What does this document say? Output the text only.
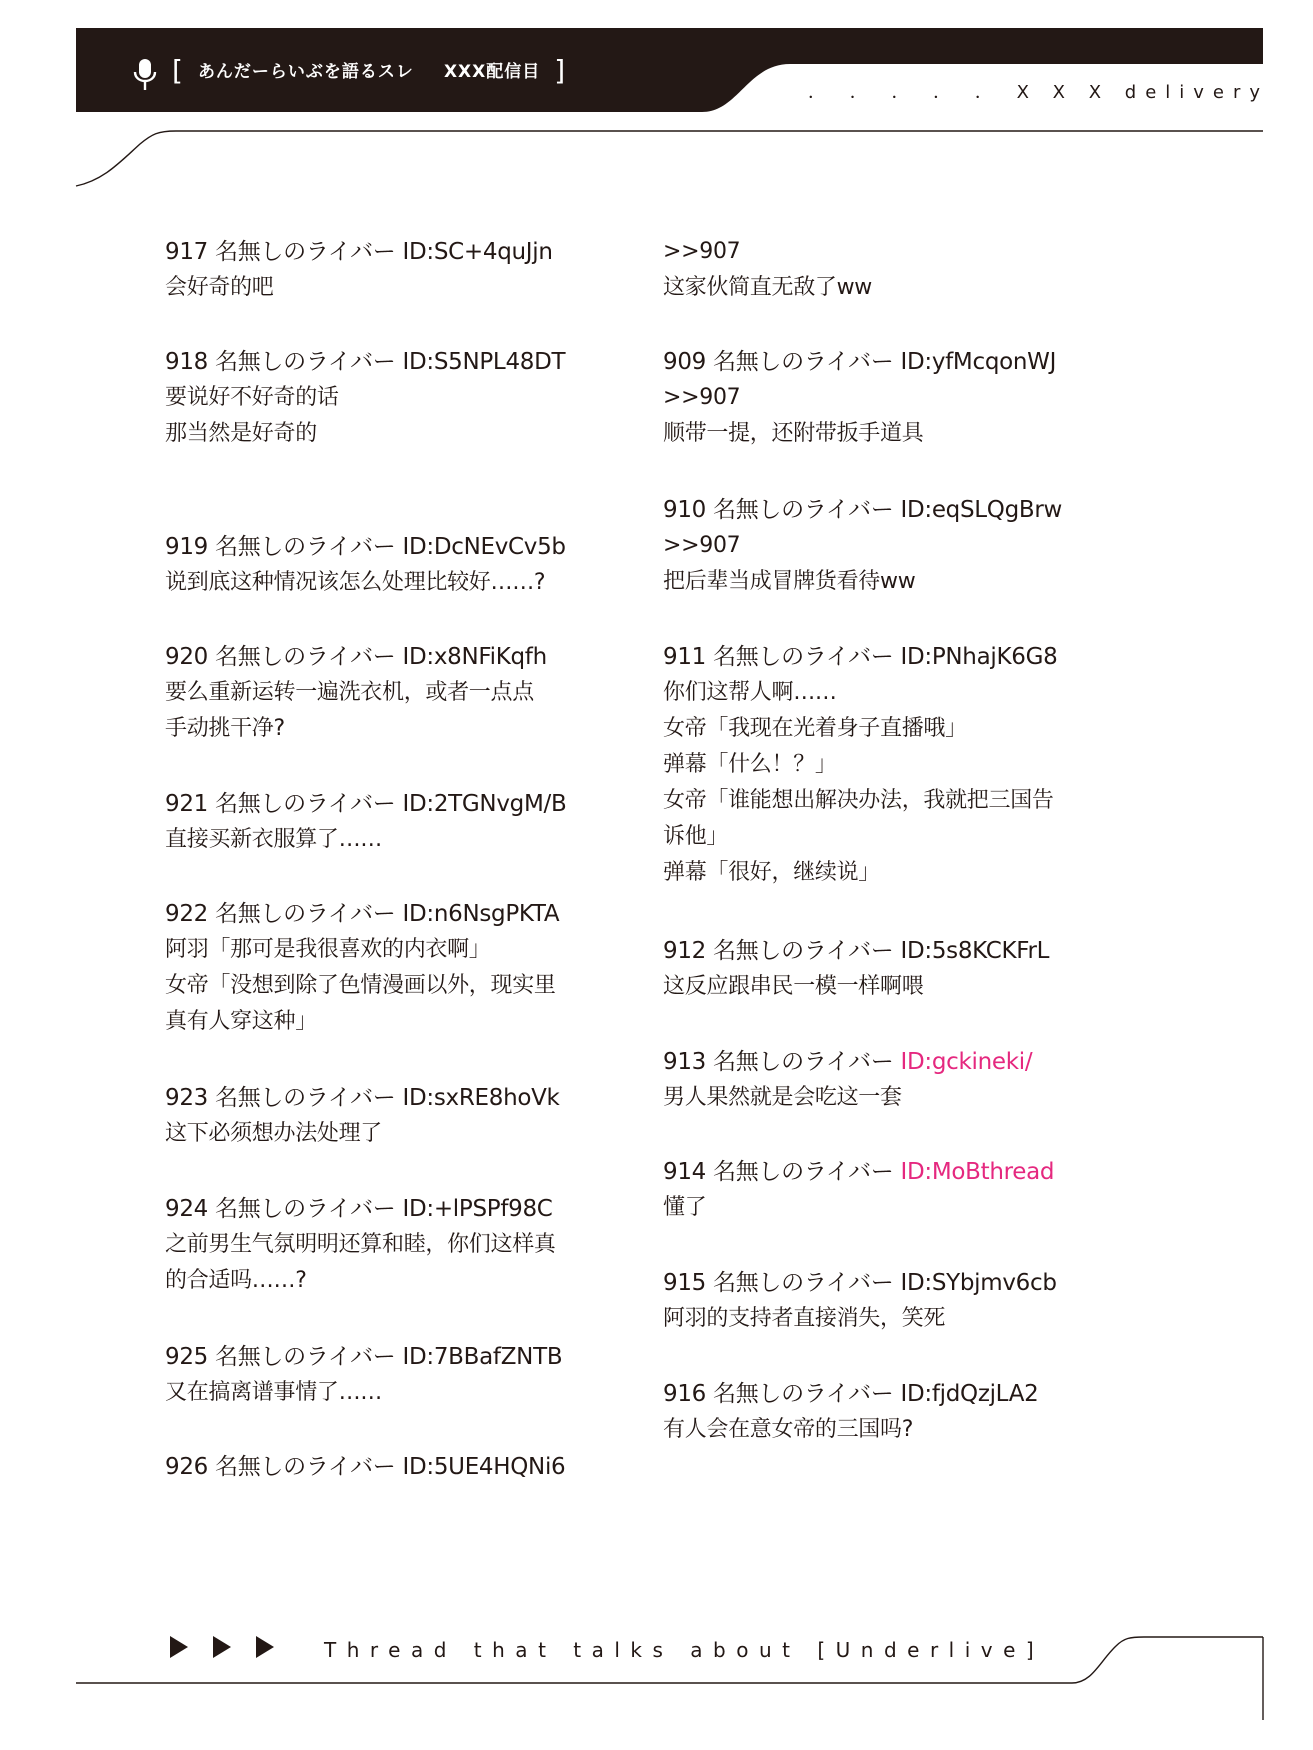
[ あんだーらいぶを語るスレ XXX配信目 ]
． ． ． ． ． X X X delivery
917 名無しのライバー ID:SC+4quJjn
会好奇的吧
918 名無しのライバー ID:S5NPL48DT
要说好不好奇的话
那当然是好奇的
919 名無しのライバー ID:DcNEvCv5b
说到底这种情况该怎么处理比较好……?
920 名無しのライバー ID:x8NFiKqfh
要么重新运转一遍洗衣机，或者一点点
手动挑干净?
921 名無しのライバー ID:2TGNvgM/B
直接买新衣服算了……
922 名無しのライバー ID:n6NsgPKTA
阿羽「那可是我很喜欢的内衣啊」
女帝「没想到除了色情漫画以外，现实里
真有人穿这种」
923 名無しのライバー ID:sxRE8hoVk
这下必须想办法处理了
924 名無しのライバー ID:+lPSPf98C
之前男生气氛明明还算和睦，你们这样真
的合适吗……?
925 名無しのライバー ID:7BBafZNTB
又在搞离谱事情了……
926 名無しのライバー ID:5UE4HQNi6
>>907
这家伙简直无敌了ww
909 名無しのライバー ID:yfMcqonWJ
>>907
顺带一提，还附带扳手道具
910 名無しのライバー ID:eqSLQgBrw
>>907
把后辈当成冒牌货看待ww
911 名無しのライバー ID:PNhajK6G8
你们这帮人啊……
女帝「我现在光着身子直播哦」
弹幕「什么！？」
女帝「谁能想出解决办法，我就把三国告
诉他」
弹幕「很好，继续说」
912 名無しのライバー ID:5s8KCKFrL
这反应跟串民一模一样啊喂
913 名無しのライバー ID:gckineki/
男人果然就是会吃这一套
914 名無しのライバー ID:MoBthread
懂了
915 名無しのライバー ID:SYbjmv6cb
阿羽的支持者直接消失，笑死
916 名無しのライバー ID:fjdQzjLA2
有人会在意女帝的三国吗?
Thread that talks about [Underlive]
